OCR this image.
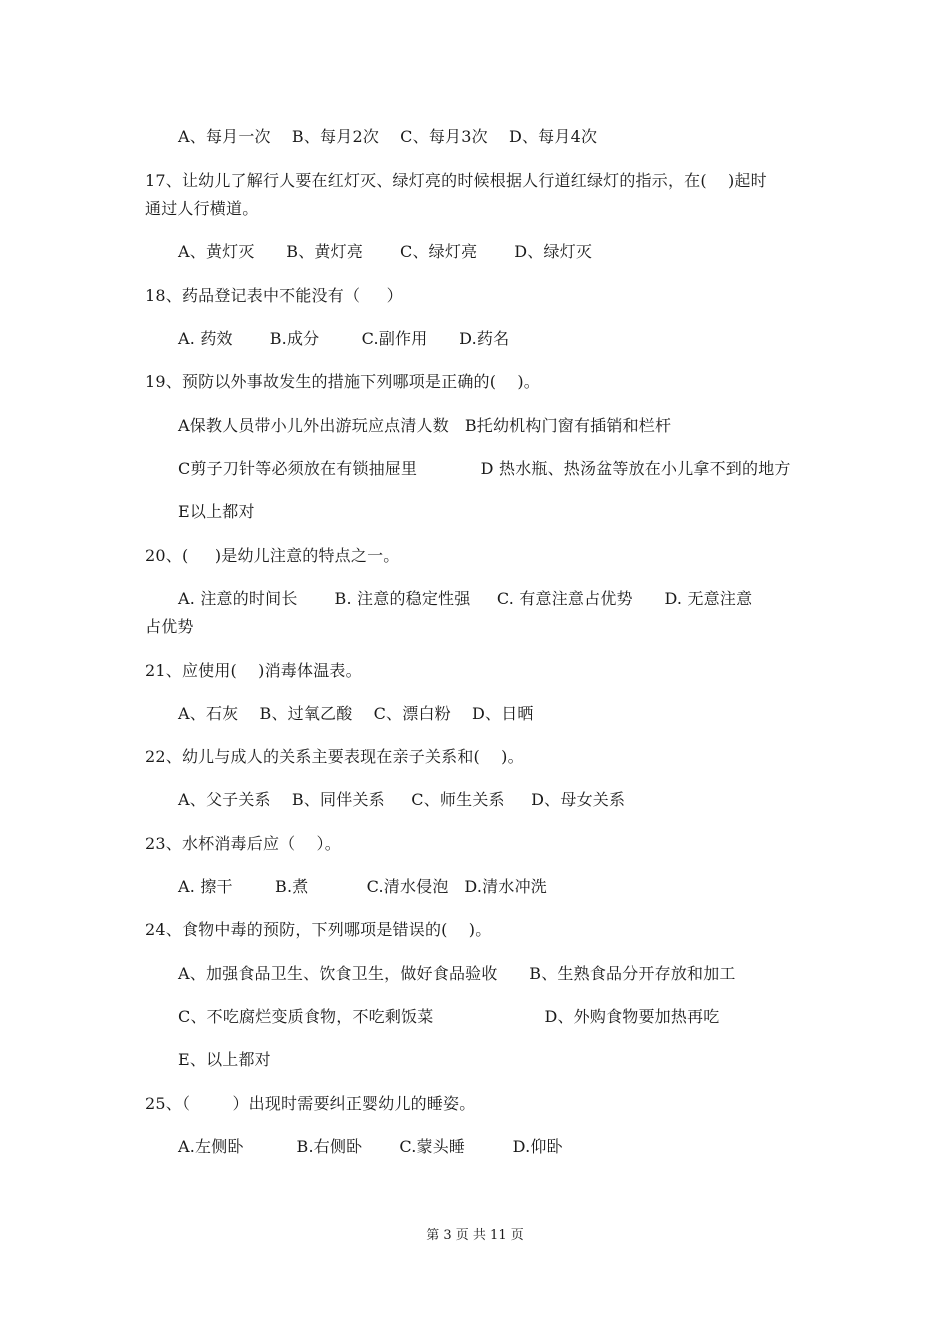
A、每月一次    B、每月2次    C、每月3次    D、每月4次
17、让幼儿了解行人要在红灯灭、绿灯亮的时候根据人行道红绿灯的指示，在(    )起时
通过人行横道。
A、黄灯灭      B、黄灯亮       C、绿灯亮       D、绿灯灭
18、药品登记表中不能没有（     ）
A. 药效       B.成分        C.副作用      D.药名
19、预防以外事故发生的措施下列哪项是正确的(    )。
A保教人员带小儿外出游玩应点清人数   B托幼机构门窗有插销和栏杆
C剪子刀针等必须放在有锁抽屉里            D 热水瓶、热汤盆等放在小儿拿不到的地方
E以上都对
20、(     )是幼儿注意的特点之一。
A. 注意的时间长       B. 注意的稳定性强     C. 有意注意占优势      D. 无意注意
占优势
21、应使用(    )消毒体温表。
A、石灰    B、过氧乙酸    C、漂白粉    D、日晒
22、幼儿与成人的关系主要表现在亲子关系和(    )。
A、父子关系    B、同伴关系     C、师生关系     D、母女关系
23、水杯消毒后应（    ）。
A. 擦干        B.煮           C.清水侵泡   D.清水冲洗
24、食物中毒的预防，下列哪项是错误的(    )。
A、加强食品卫生、饮食卫生，做好食品验收      B、生熟食品分开存放和加工
C、不吃腐烂变质食物，不吃剩饭菜                     D、外购食物要加热再吃
E、以上都对
25、（        ）出现时需要纠正婴幼儿的睡姿。
A.左侧卧          B.右侧卧       C.蒙头睡         D.仰卧
第 3 页 共 11 页
